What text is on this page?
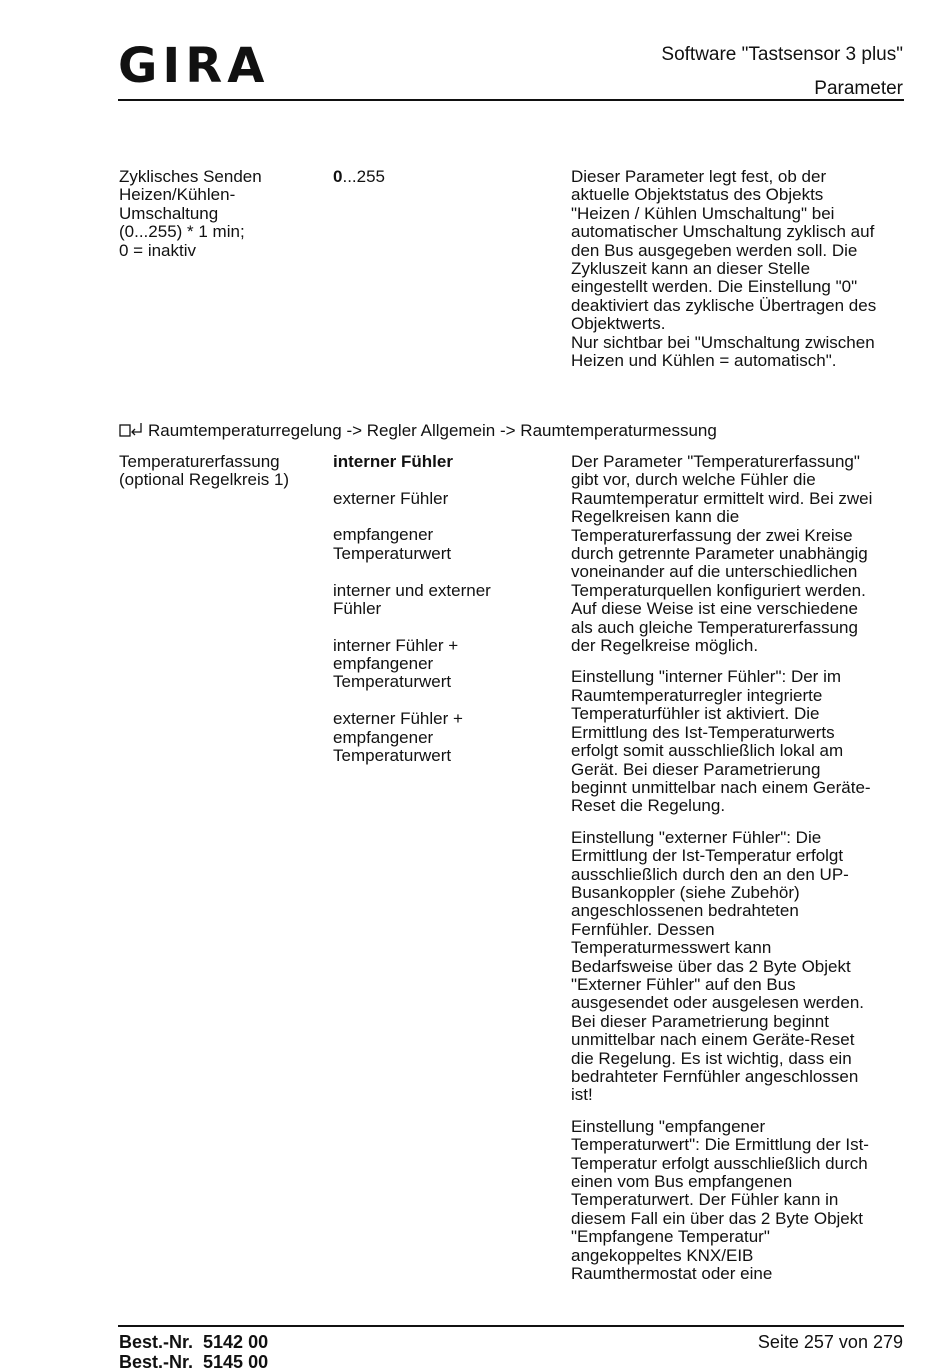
GIRA	Software "Tastsensor 3 plus"
Parameter
Zyklisches Senden
Heizen/Kühlen-
Umschaltung
(0...255) * 1 min;
0 = inaktiv
0...255	Dieser Parameter legt fest, ob der
aktuelle Objektstatus des Objekts
"Heizen / Kühlen Umschaltung" bei
automatischer Umschaltung zyklisch auf
den Bus ausgegeben werden soll. Die
Zykluszeit kann an dieser Stelle
eingestellt werden. Die Einstellung "0"
deaktiviert das zyklische Übertragen des
Objektwerts.
Nur sichtbar bei "Umschaltung zwischen
Heizen und Kühlen = automatisch".
Raumtemperaturregelung -> Regler Allgemein -> Raumtemperaturmessung
Temperaturerfassung
(optional Regelkreis 1)
interner Fühler
externer Fühler
empfangener
Temperaturwert
interner und externer
Fühler
interner Fühler +
empfangener
Temperaturwert
externer Fühler +
empfangener
Temperaturwert
Der Parameter "Temperaturerfassung"
gibt vor, durch welche Fühler die
Raumtemperatur ermittelt wird. Bei zwei
Regelkreisen kann die
Temperaturerfassung der zwei Kreise
durch getrennte Parameter unabhängig
voneinander auf die unterschiedlichen
Temperaturquellen konfiguriert werden.
Auf diese Weise ist eine verschiedene
als auch gleiche Temperaturerfassung
der Regelkreise möglich.
Einstellung "interner Fühler": Der im
Raumtemperaturregler integrierte
Temperaturfühler ist aktiviert. Die
Ermittlung des Ist-Temperaturwerts
erfolgt somit ausschließlich lokal am
Gerät. Bei dieser Parametrierung
beginnt unmittelbar nach einem Geräte-
Reset die Regelung.
Einstellung "externer Fühler": Die
Ermittlung der Ist-Temperatur erfolgt
ausschließlich durch den an den UP-
Busankoppler (siehe Zubehör)
angeschlossenen bedrahteten
Fernfühler. Dessen
Temperaturmesswert kann
Bedarfsweise über das 2 Byte Objekt
"Externer Fühler" auf den Bus
ausgesendet oder ausgelesen werden.
Bei dieser Parametrierung beginnt
unmittelbar nach einem Geräte-Reset
die Regelung. Es ist wichtig, dass ein
bedrahteter Fernfühler angeschlossen
ist!
Einstellung "empfangener
Temperaturwert": Die Ermittlung der Ist-
Temperatur erfolgt ausschließlich durch
einen vom Bus empfangenen
Temperaturwert. Der Fühler kann in
diesem Fall ein über das 2 Byte Objekt
"Empfangene Temperatur"
angekoppeltes KNX/EIB
Raumthermostat oder eine
Best.-Nr.  5142 00
Best.-Nr.  5145 00
Seite 257 von 279
